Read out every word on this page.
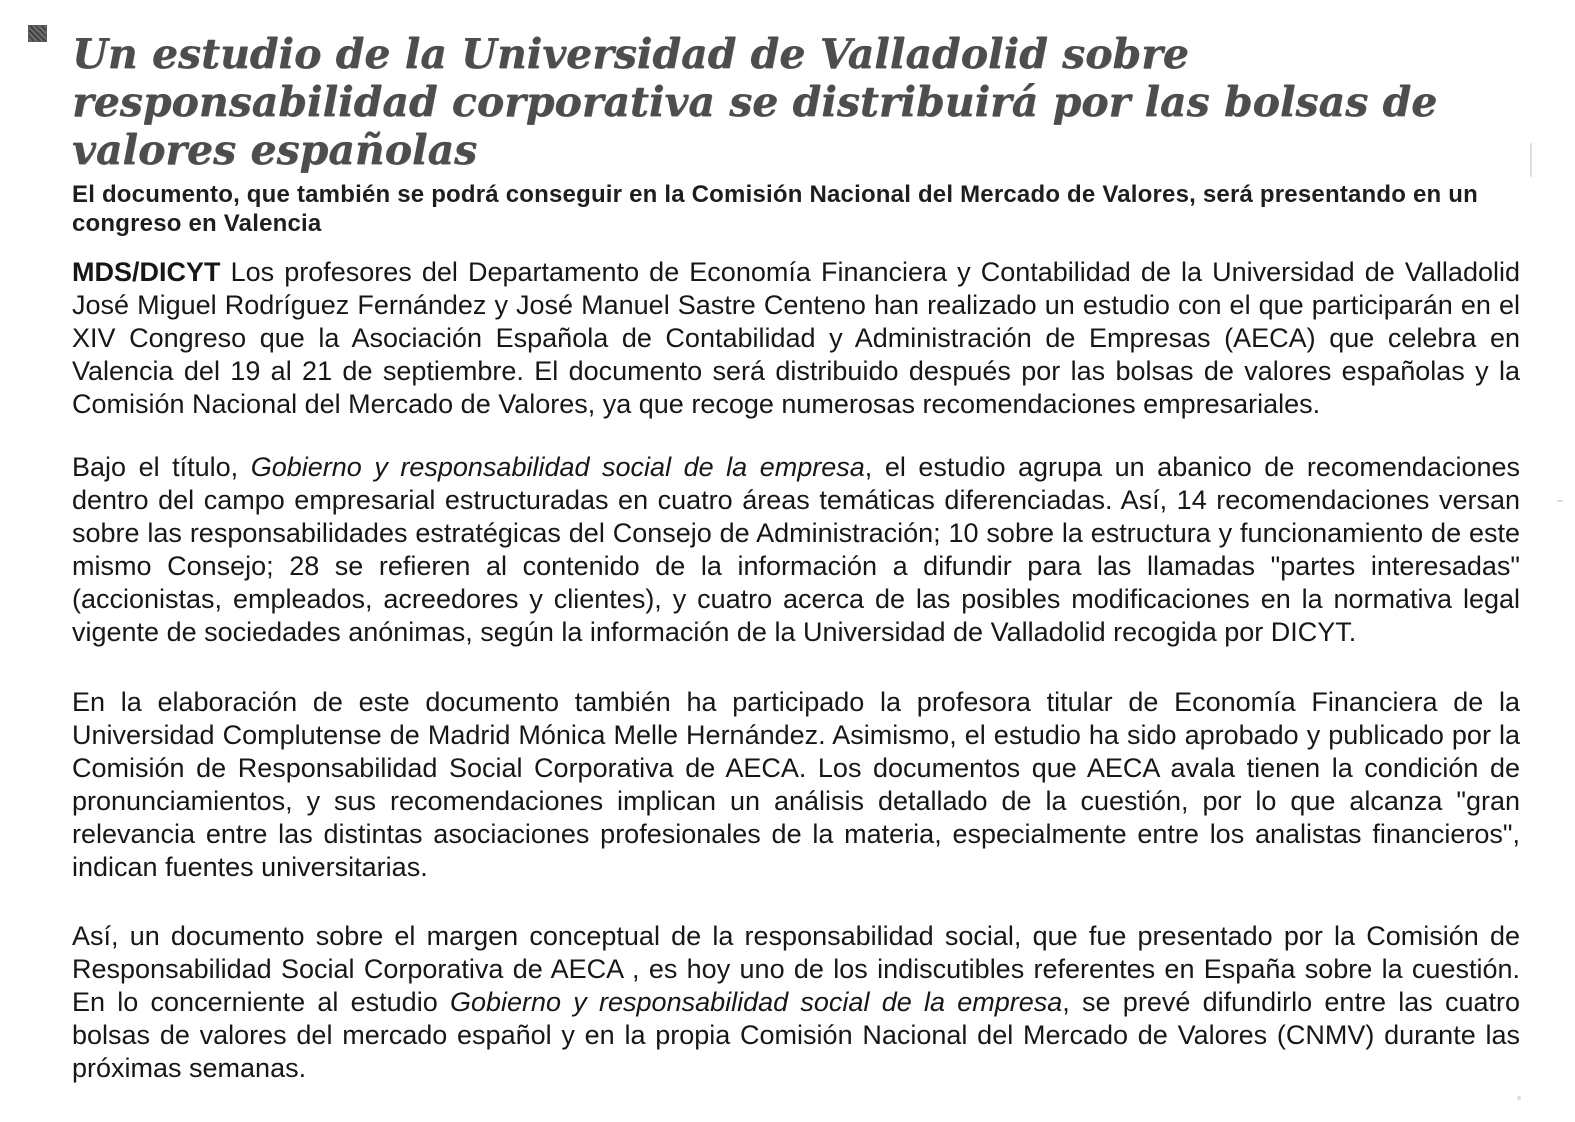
Un estudio de la Universidad de Valladolid sobre
responsabilidad corporativa se distribuirá por las bolsas de
valores españolas

El documento, que también se podrá conseguir en la Comisión Nacional del Mercado de Valores, será presentando en un congreso en Valencia

MDS/DICYT Los profesores del Departamento de Economía Financiera y Contabilidad de la Universidad de Valladolid José Miguel Rodríguez Fernández y José Manuel Sastre Centeno han realizado un estudio con el que participarán en el XIV Congreso que la Asociación Española de Contabilidad y Administración de Empresas (AECA) que celebra en Valencia del 19 al 21 de septiembre. El documento será distribuido después por las bolsas de valores españolas y la Comisión Nacional del Mercado de Valores, ya que recoge numerosas recomendaciones empresariales.

Bajo el título, Gobierno y responsabilidad social de la empresa, el estudio agrupa un abanico de recomendaciones dentro del campo empresarial estructuradas en cuatro áreas temáticas diferenciadas. Así, 14 recomendaciones versan sobre las responsabilidades estratégicas del Consejo de Administración; 10 sobre la estructura y funcionamiento de este mismo Consejo; 28 se refieren al contenido de la información a difundir para las llamadas "partes interesadas" (accionistas, empleados, acreedores y clientes), y cuatro acerca de las posibles modificaciones en la normativa legal vigente de sociedades anónimas, según la información de la Universidad de Valladolid recogida por DICYT.

En la elaboración de este documento también ha participado la profesora titular de Economía Financiera de la Universidad Complutense de Madrid Mónica Melle Hernández. Asimismo, el estudio ha sido aprobado y publicado por la Comisión de Responsabilidad Social Corporativa de AECA. Los documentos que AECA avala tienen la condición de pronunciamientos, y sus recomendaciones implican un análisis detallado de la cuestión, por lo que alcanza "gran relevancia entre las distintas asociaciones profesionales de la materia, especialmente entre los analistas financieros", indican fuentes universitarias.

Así, un documento sobre el margen conceptual de la responsabilidad social, que fue presentado por la Comisión de Responsabilidad Social Corporativa de AECA , es hoy uno de los indiscutibles referentes en España sobre la cuestión. En lo concerniente al estudio Gobierno y responsabilidad social de la empresa, se prevé difundirlo entre las cuatro bolsas de valores del mercado español y en la propia Comisión Nacional del Mercado de Valores (CNMV) durante las próximas semanas.
